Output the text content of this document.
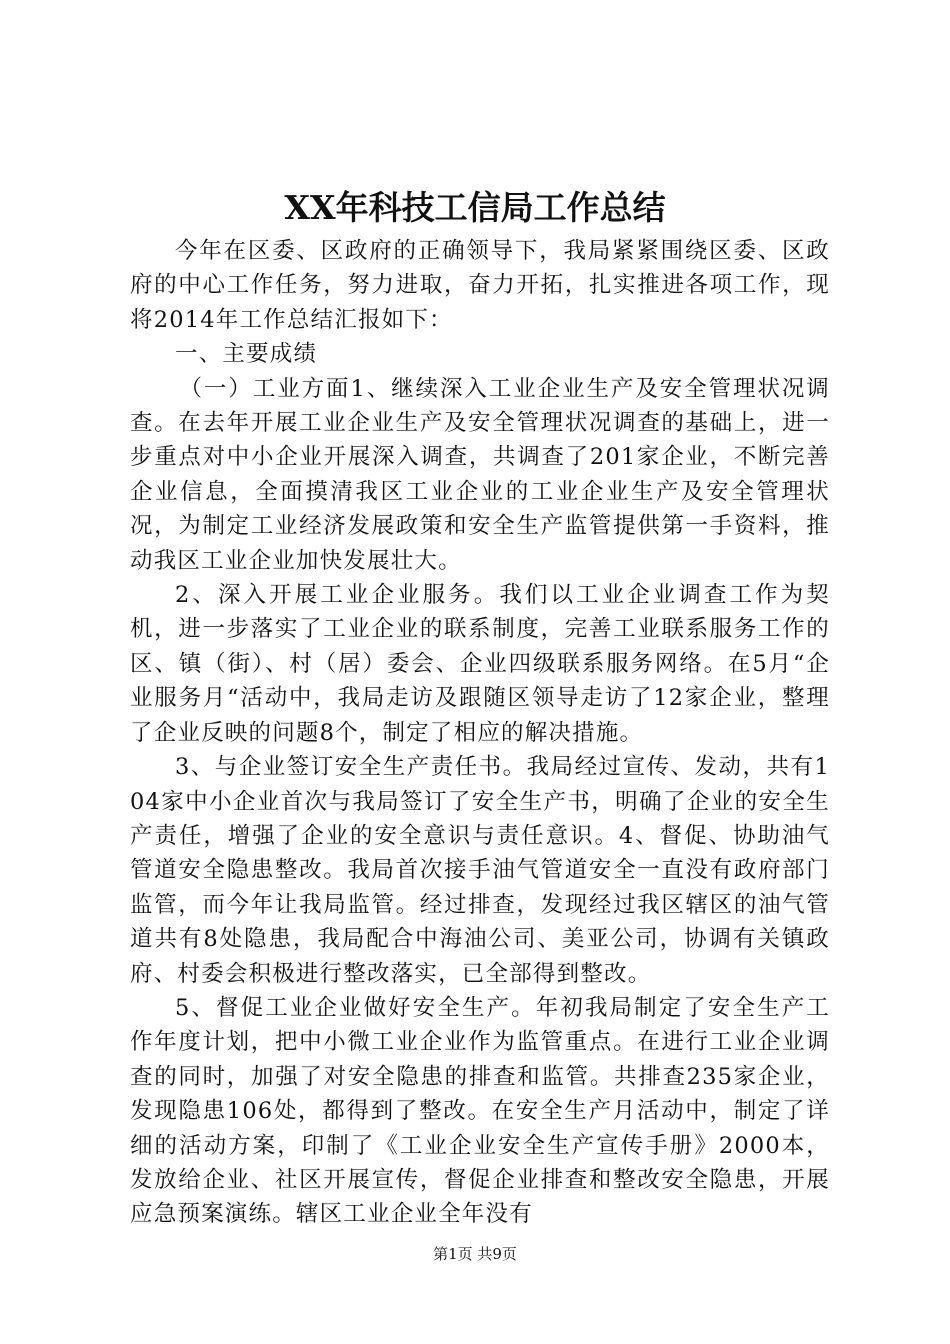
XX年科技工信局工作总结

今年在区委、区政府的正确领导下，我局紧紧围绕区委、区政府的中心工作任务，努力进取，奋力开拓，扎实推进各项工作，现将2014年工作总结汇报如下：

一、主要成绩

（一）工业方面1、继续深入工业企业生产及安全管理状况调查。在去年开展工业企业生产及安全管理状况调查的基础上，进一步重点对中小企业开展深入调查，共调查了201家企业，不断完善企业信息，全面摸清我区工业企业的工业企业生产及安全管理状况，为制定工业经济发展政策和安全生产监管提供第一手资料，推动我区工业企业加快发展壮大。

2、深入开展工业企业服务。我们以工业企业调查工作为契机，进一步落实了工业企业的联系制度，完善工业联系服务工作的区、镇（街）、村（居）委会、企业四级联系服务网络。在5月“企业服务月“活动中，我局走访及跟随区领导走访了12家企业，整理了企业反映的问题8个，制定了相应的解决措施。

3、与企业签订安全生产责任书。我局经过宣传、发动，共有104家中小企业首次与我局签订了安全生产书，明确了企业的安全生产责任，增强了企业的安全意识与责任意识。4、督促、协助油气管道安全隐患整改。我局首次接手油气管道安全一直没有政府部门监管，而今年让我局监管。经过排查，发现经过我区辖区的油气管道共有8处隐患，我局配合中海油公司、美亚公司，协调有关镇政府、村委会积极进行整改落实，已全部得到整改。

5、督促工业企业做好安全生产。年初我局制定了安全生产工作年度计划，把中小微工业企业作为监管重点。在进行工业企业调查的同时，加强了对安全隐患的排查和监管。共排查235家企业，发现隐患106处，都得到了整改。在安全生产月活动中，制定了详细的活动方案，印制了《工业企业安全生产宣传手册》2000本，发放给企业、社区开展宣传，督促企业排查和整改安全隐患，开展应急预案演练。辖区工业企业全年没有

第1页 共9页
